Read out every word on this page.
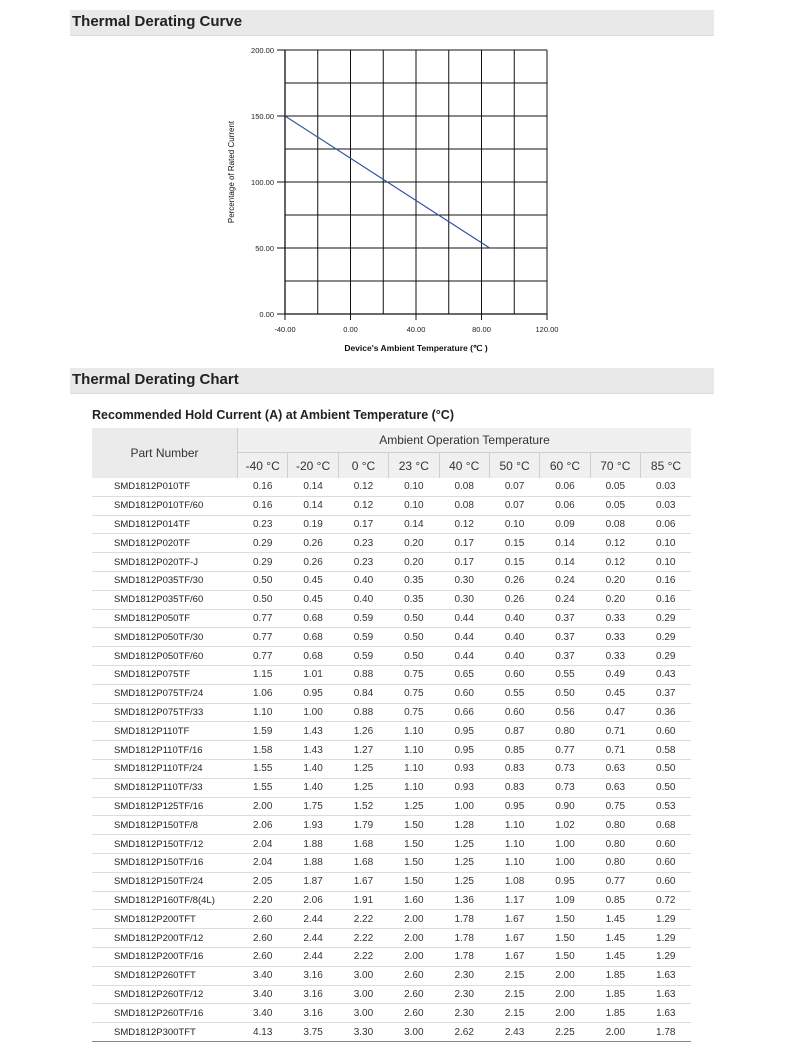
Thermal Derating Curve
0.00
50.00
100.00
150.00
200.00
-40.00	0.00	40.00	80.00	120.00
Device's Ambient Temperature (℃ )
Percentage of Rated Current
Thermal Derating Chart
Recommended Hold Current (A) at Ambient Temperature (°C)
Part Number	Ambient Operation Temperature								
	-40 °C	-20 °C	0 °C	23 °C	40 °C	50 °C	60 °C	70 °C	85 °C
SMD1812P010TF	0.16	0.14	0.12	0.10	0.08	0.07	0.06	0.05	0.03
SMD1812P010TF/60	0.16	0.14	0.12	0.10	0.08	0.07	0.06	0.05	0.03
SMD1812P014TF	0.23	0.19	0.17	0.14	0.12	0.10	0.09	0.08	0.06
SMD1812P020TF	0.29	0.26	0.23	0.20	0.17	0.15	0.14	0.12	0.10
SMD1812P020TF-J	0.29	0.26	0.23	0.20	0.17	0.15	0.14	0.12	0.10
SMD1812P035TF/30	0.50	0.45	0.40	0.35	0.30	0.26	0.24	0.20	0.16
SMD1812P035TF/60	0.50	0.45	0.40	0.35	0.30	0.26	0.24	0.20	0.16
SMD1812P050TF	0.77	0.68	0.59	0.50	0.44	0.40	0.37	0.33	0.29
SMD1812P050TF/30	0.77	0.68	0.59	0.50	0.44	0.40	0.37	0.33	0.29
SMD1812P050TF/60	0.77	0.68	0.59	0.50	0.44	0.40	0.37	0.33	0.29
SMD1812P075TF	1.15	1.01	0.88	0.75	0.65	0.60	0.55	0.49	0.43
SMD1812P075TF/24	1.06	0.95	0.84	0.75	0.60	0.55	0.50	0.45	0.37
SMD1812P075TF/33	1.10	1.00	0.88	0.75	0.66	0.60	0.56	0.47	0.36
SMD1812P110TF	1.59	1.43	1.26	1.10	0.95	0.87	0.80	0.71	0.60
SMD1812P110TF/16	1.58	1.43	1.27	1.10	0.95	0.85	0.77	0.71	0.58
SMD1812P110TF/24	1.55	1.40	1.25	1.10	0.93	0.83	0.73	0.63	0.50
SMD1812P110TF/33	1.55	1.40	1.25	1.10	0.93	0.83	0.73	0.63	0.50
SMD1812P125TF/16	2.00	1.75	1.52	1.25	1.00	0.95	0.90	0.75	0.53
SMD1812P150TF/8	2.06	1.93	1.79	1.50	1.28	1.10	1.02	0.80	0.68
SMD1812P150TF/12	2.04	1.88	1.68	1.50	1.25	1.10	1.00	0.80	0.60
SMD1812P150TF/16	2.04	1.88	1.68	1.50	1.25	1.10	1.00	0.80	0.60
SMD1812P150TF/24	2.05	1.87	1.67	1.50	1.25	1.08	0.95	0.77	0.60
SMD1812P160TF/8(4L)	2.20	2.06	1.91	1.60	1.36	1.17	1.09	0.85	0.72
SMD1812P200TFT	2.60	2.44	2.22	2.00	1.78	1.67	1.50	1.45	1.29
SMD1812P200TF/12	2.60	2.44	2.22	2.00	1.78	1.67	1.50	1.45	1.29
SMD1812P200TF/16	2.60	2.44	2.22	2.00	1.78	1.67	1.50	1.45	1.29
SMD1812P260TFT	3.40	3.16	3.00	2.60	2.30	2.15	2.00	1.85	1.63
SMD1812P260TF/12	3.40	3.16	3.00	2.60	2.30	2.15	2.00	1.85	1.63
SMD1812P260TF/16	3.40	3.16	3.00	2.60	2.30	2.15	2.00	1.85	1.63
SMD1812P300TFT	4.13	3.75	3.30	3.00	2.62	2.43	2.25	2.00	1.78
